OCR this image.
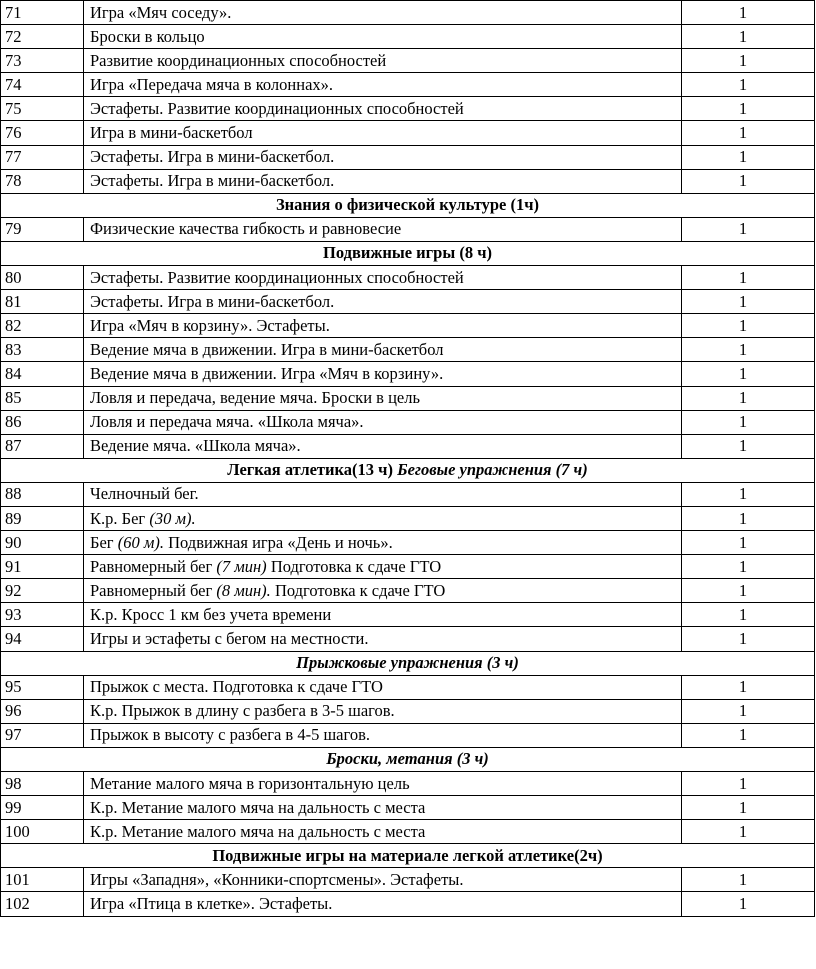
71	Игра «Мяч соседу».	1
72	Броски в кольцо	1
73	Развитие координационных способностей	1
74	Игра «Передача мяча в колоннах».	1
75	Эстафеты. Развитие координационных способностей	1
76	Игра в мини-баскетбол	1
77	Эстафеты. Игра в мини-баскетбол.	1
78	Эстафеты. Игра в мини-баскетбол.	1
Знания о физической культуре (1ч)		
79	Физические качества гибкость и равновесие	1
Подвижные игры (8 ч)		
80	Эстафеты. Развитие координационных способностей	1
81	Эстафеты. Игра в мини-баскетбол.	1
82	Игра «Мяч в корзину». Эстафеты.	1
83	Ведение мяча в движении. Игра в мини-баскетбол	1
84	Ведение мяча в движении. Игра «Мяч в корзину».	1
85	Ловля и передача, ведение мяча. Броски в цель	1
86	Ловля и передача мяча. «Школа мяча».	1
87	Ведение мяча. «Школа мяча».	1
Легкая атлетика(13 ч) Беговые упражнения (7 ч)		
88	Челночный бег.	1
89	К.р. Бег (30 м).	1
90	Бег (60 м). Подвижная игра «День и ночь».	1
91	Равномерный бег (7 мин) Подготовка к сдаче ГТО	1
92	Равномерный бег (8 мин). Подготовка к сдаче ГТО	1
93	К.р. Кросс 1 км без учета времени	1
94	Игры и эстафеты с бегом на местности.	1
Прыжковые упражнения (3 ч)		
95	Прыжок с места. Подготовка к сдаче ГТО	1
96	К.р. Прыжок в длину с разбега в 3-5 шагов.	1
97	Прыжок в высоту с разбега в 4-5 шагов.	1
Броски, метания (3 ч)		
98	Метание малого мяча в горизонтальную цель	1
99	К.р. Метание малого мяча на дальность с места	1
100	К.р. Метание малого мяча на дальность с места	1
Подвижные игры на материале легкой атлетике(2ч)		
101	Игры «Западня», «Конники-спортсмены». Эстафеты.	1
102	Игра «Птица в клетке». Эстафеты.	1
